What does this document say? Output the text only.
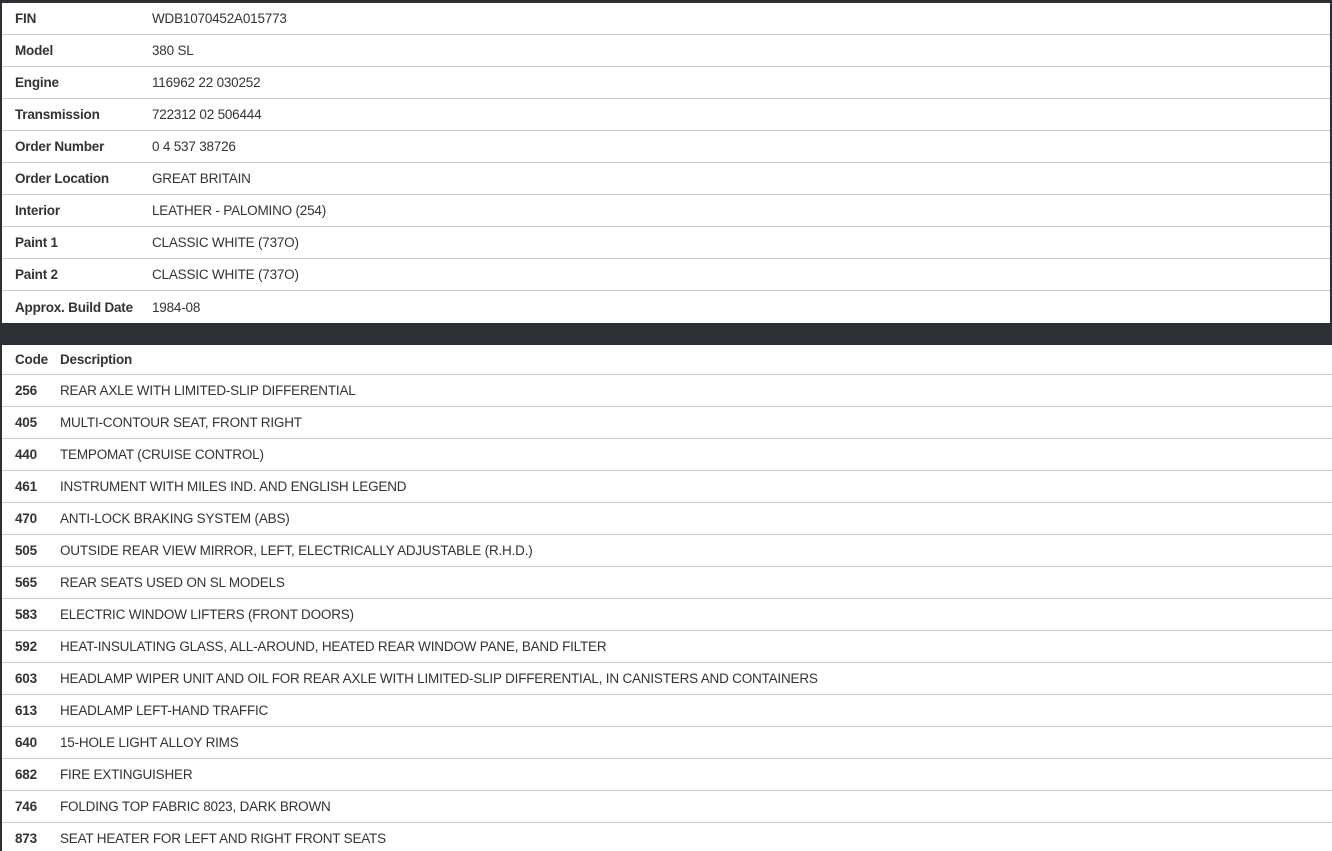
FIN	WDB1070452A015773
Model	380 SL
Engine	116962 22 030252
Transmission	722312 02 506444
Order Number	0 4 537 38726
Order Location	GREAT BRITAIN
Interior	LEATHER - PALOMINO (254)
Paint 1	CLASSIC WHITE (737O)
Paint 2	CLASSIC WHITE (737O)
Approx. Build Date	1984-08
Code Description
256	REAR AXLE WITH LIMITED-SLIP DIFFERENTIAL
405	MULTI-CONTOUR SEAT, FRONT RIGHT
440	TEMPOMAT (CRUISE CONTROL)
461	INSTRUMENT WITH MILES IND. AND ENGLISH LEGEND
470	ANTI-LOCK BRAKING SYSTEM (ABS)
505	OUTSIDE REAR VIEW MIRROR, LEFT, ELECTRICALLY ADJUSTABLE (R.H.D.)
565	REAR SEATS USED ON SL MODELS
583	ELECTRIC WINDOW LIFTERS (FRONT DOORS)
592	HEAT-INSULATING GLASS, ALL-AROUND, HEATED REAR WINDOW PANE, BAND FILTER
603	HEADLAMP WIPER UNIT AND OIL FOR REAR AXLE WITH LIMITED-SLIP DIFFERENTIAL, IN CANISTERS AND CONTAINERS
613	HEADLAMP LEFT-HAND TRAFFIC
640	15-HOLE LIGHT ALLOY RIMS
682	FIRE EXTINGUISHER
746	FOLDING TOP FABRIC 8023, DARK BROWN
873	SEAT HEATER FOR LEFT AND RIGHT FRONT SEATS
